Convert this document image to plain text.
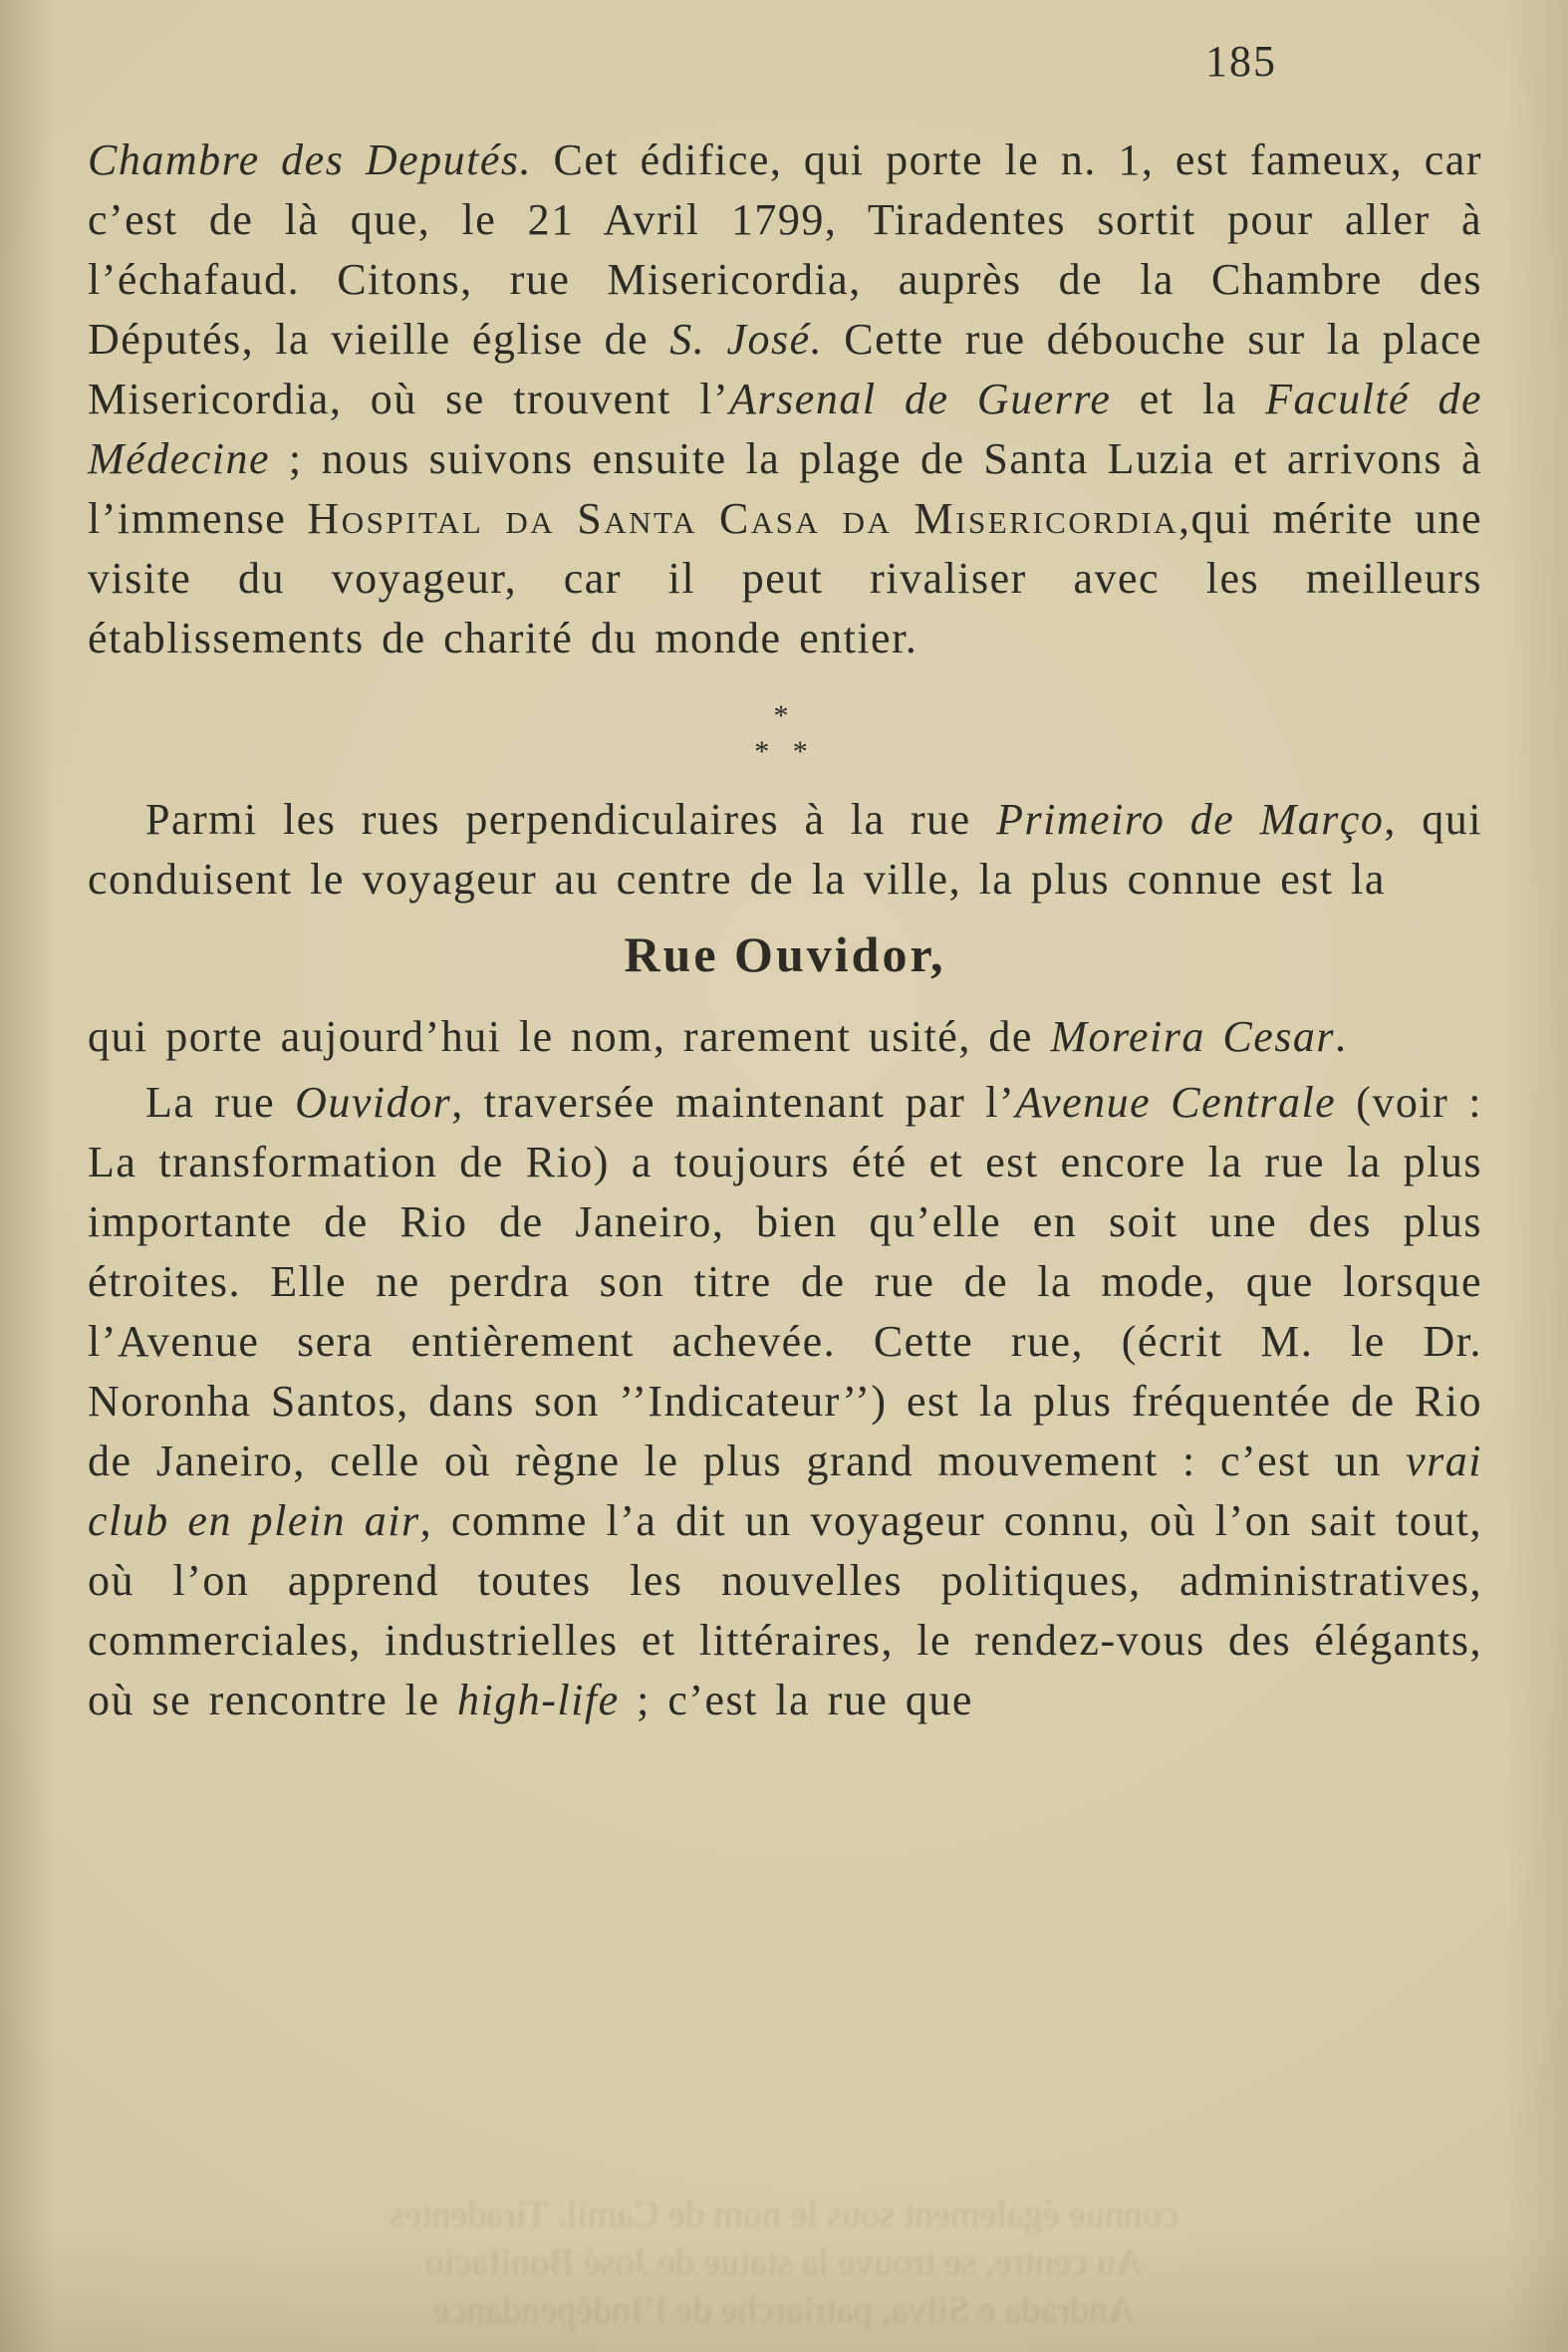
185

Chambre des Deputés. Cet édifice, qui porte le n. 1, est fameux, car c’est de là que, le 21 Avril 1799, Tiradentes sortit pour aller à l’échafaud. Citons, rue Misericordia, auprès de la Chambre des Députés, la vieille église de S. José. Cette rue débouche sur la place Misericordia, où se trouvent l’Arsenal de Guerre et la Faculté de Médecine ; nous suivons ensuite la plage de Santa Luzia et arrivons à l’immense Hospital da Santa Casa da Misericordia,qui mérite une visite du voyageur, car il peut rivaliser avec les meilleurs établissements de charité du monde entier.

*
* *

Parmi les rues perpendiculaires à la rue Primeiro de Março, qui conduisent le voyageur au centre de la ville, la plus connue est la

Rue Ouvidor,

qui porte aujourd’hui le nom, rarement usité, de Moreira Cesar.

La rue Ouvidor, traversée maintenant par l’Avenue Centrale (voir : La transformation de Rio) a toujours été et est encore la rue la plus importante de Rio de Janeiro, bien qu’elle en soit une des plus étroites. Elle ne perdra son titre de rue de la mode, que lorsque l’Avenue sera entièrement achevée. Cette rue, (écrit M. le Dr. Noronha Santos, dans son ’’Indicateur’’) est la plus fréquentée de Rio de Janeiro, celle où règne le plus grand mouvement : c’est un vrai club en plein air, comme l’a dit un voyageur connu, où l’on sait tout, où l’on apprend toutes les nouvelles politiques, administratives, commerciales, industrielles et littéraires, le rendez-vous des élégants, où se rencontre le high-life ; c’est la rue que

connue également sous le nom de Camil. Tiradentes
Au centre, se trouve la statue de José Bonifacio
Andrada e Silva, patriarche de l’Indépendance
